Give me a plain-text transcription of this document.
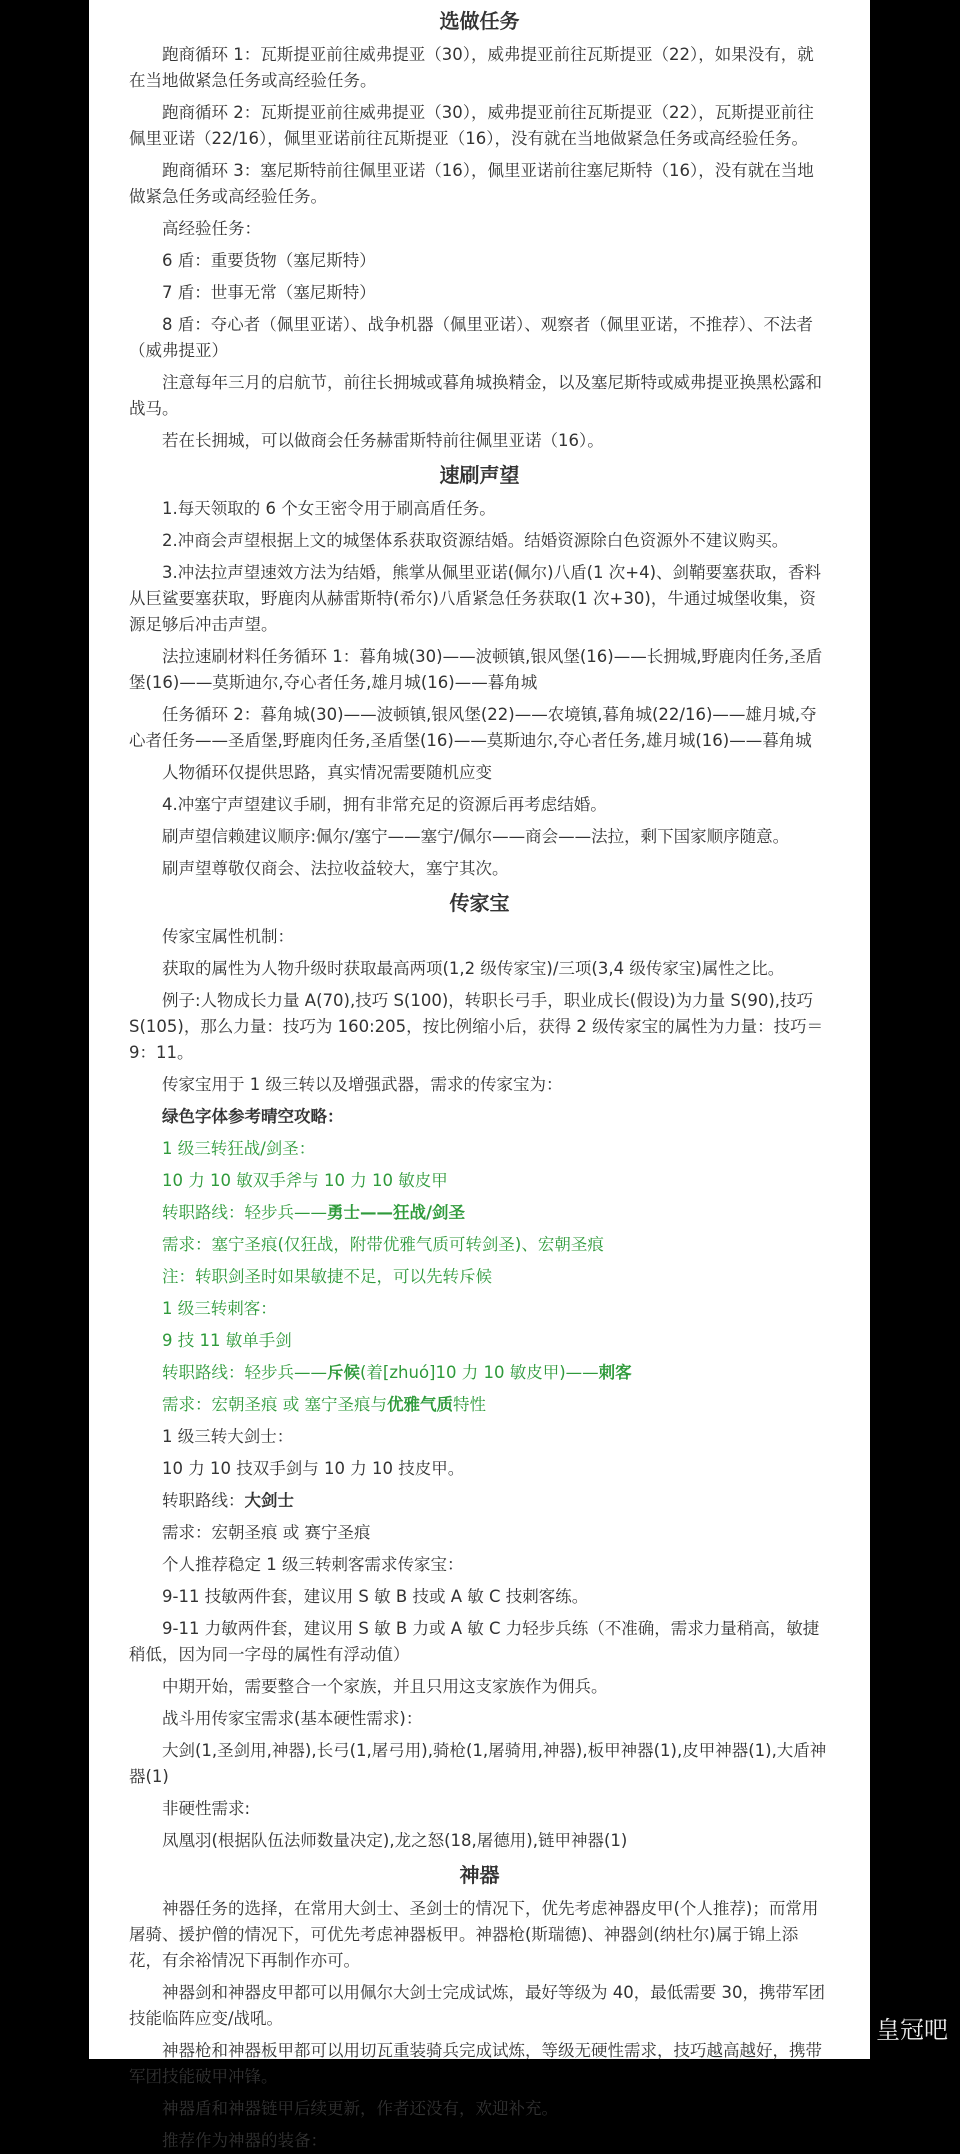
选做任务

跑商循环 1：瓦斯提亚前往威弗提亚（30），威弗提亚前往瓦斯提亚（22），如果没有，就在当地做紧急任务或高经验任务。

跑商循环 2：瓦斯提亚前往威弗提亚（30），威弗提亚前往瓦斯提亚（22），瓦斯提亚前往佩里亚诺（22/16），佩里亚诺前往瓦斯提亚（16），没有就在当地做紧急任务或高经验任务。

跑商循环 3：塞尼斯特前往佩里亚诺（16），佩里亚诺前往塞尼斯特（16），没有就在当地做紧急任务或高经验任务。

高经验任务：

6 盾：重要货物（塞尼斯特）

7 盾：世事无常（塞尼斯特）

8 盾：夺心者（佩里亚诺）、战争机器（佩里亚诺）、观察者（佩里亚诺，不推荐）、不法者（威弗提亚）

注意每年三月的启航节，前往长拥城或暮角城换精金，以及塞尼斯特或威弗提亚换黑松露和战马。

若在长拥城，可以做商会任务赫雷斯特前往佩里亚诺（16）。

速刷声望

1.每天领取的 6 个女王密令用于刷高盾任务。

2.冲商会声望根据上文的城堡体系获取资源结婚。结婚资源除白色资源外不建议购买。

3.冲法拉声望速效方法为结婚，熊掌从佩里亚诺(佩尔)八盾(1 次+4)、剑鞘要塞获取，香料从巨鲨要塞获取，野鹿肉从赫雷斯特(希尔)八盾紧急任务获取(1 次+30)，牛通过城堡收集，资源足够后冲击声望。

法拉速刷材料任务循环 1：暮角城(30)——波顿镇,银风堡(16)——长拥城,野鹿肉任务,圣盾堡(16)——莫斯迪尔,夺心者任务,雄月城(16)——暮角城

任务循环 2：暮角城(30)——波顿镇,银风堡(22)——农境镇,暮角城(22/16)——雄月城,夺心者任务——圣盾堡,野鹿肉任务,圣盾堡(16)——莫斯迪尔,夺心者任务,雄月城(16)——暮角城

人物循环仅提供思路，真实情况需要随机应变

4.冲塞宁声望建议手刷，拥有非常充足的资源后再考虑结婚。

刷声望信赖建议顺序:佩尔/塞宁——塞宁/佩尔——商会——法拉，剩下国家顺序随意。

刷声望尊敬仅商会、法拉收益较大，塞宁其次。

传家宝

传家宝属性机制：

获取的属性为人物升级时获取最高两项(1,2 级传家宝)/三项(3,4 级传家宝)属性之比。

例子:人物成长力量 A(70),技巧 S(100)，转职长弓手，职业成长(假设)为力量 S(90),技巧 S(105)，那么力量：技巧为 160:205，按比例缩小后，获得 2 级传家宝的属性为力量：技巧＝9：11。

传家宝用于 1 级三转以及增强武器，需求的传家宝为：

绿色字体参考晴空攻略：

1 级三转狂战/剑圣：

10 力 10 敏双手斧与 10 力 10 敏皮甲

转职路线：轻步兵——勇士——狂战/剑圣

需求：塞宁圣痕(仅狂战，附带优雅气质可转剑圣)、宏朝圣痕

注：转职剑圣时如果敏捷不足，可以先转斥候

1 级三转刺客：

9 技 11 敏单手剑

转职路线：轻步兵——斥候(着[zhuó]10 力 10 敏皮甲)——刺客

需求：宏朝圣痕 或 塞宁圣痕与优雅气质特性

1 级三转大剑士：

10 力 10 技双手剑与 10 力 10 技皮甲。

转职路线：大剑士

需求：宏朝圣痕 或 赛宁圣痕

个人推荐稳定 1 级三转刺客需求传家宝：

9-11 技敏两件套，建议用 S 敏 B 技或 A 敏 C 技刺客练。

9-11 力敏两件套，建议用 S 敏 B 力或 A 敏 C 力轻步兵练（不准确，需求力量稍高，敏捷稍低，因为同一字母的属性有浮动值）

中期开始，需要整合一个家族，并且只用这支家族作为佣兵。

战斗用传家宝需求(基本硬性需求)：

大剑(1,圣剑用,神器),长弓(1,屠弓用),骑枪(1,屠骑用,神器),板甲神器(1),皮甲神器(1),大盾神器(1)

非硬性需求:

凤凰羽(根据队伍法师数量决定),龙之怒(18,屠德用),链甲神器(1)

神器

神器任务的选择，在常用大剑士、圣剑士的情况下，优先考虑神器皮甲(个人推荐)；而常用屠骑、援护僧的情况下，可优先考虑神器板甲。神器枪(斯瑞德)、神器剑(纳杜尔)属于锦上添花，有余裕情况下再制作亦可。

神器剑和神器皮甲都可以用佩尔大剑士完成试炼，最好等级为 40，最低需要 30，携带军团技能临阵应变/战吼。

神器枪和神器板甲都可以用切瓦重装骑兵完成试炼，等级无硬性需求，技巧越高越好，携带军团技能破甲冲锋。

神器盾和神器链甲后续更新，作者还没有，欢迎补充。

推荐作为神器的装备：

皇冠吧
